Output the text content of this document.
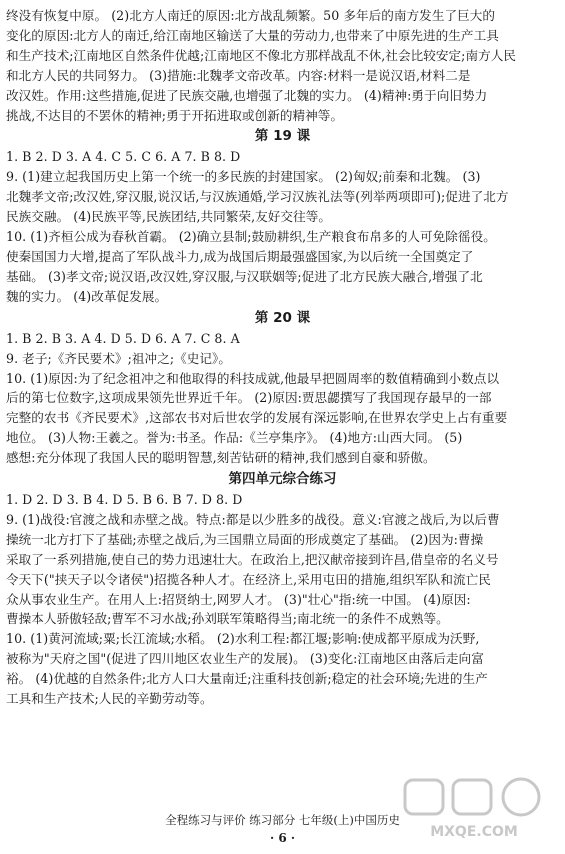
终没有恢复中原。 (2)北方人南迁的原因:北方战乱频繁。50 多年后的南方发生了巨大的
变化的原因:北方人的南迁,给江南地区输送了大量的劳动力,也带来了中原先进的生产工具
和生产技术;江南地区自然条件优越;江南地区不像北方那样战乱不休,社会比较安定;南方人民
和北方人民的共同努力。 (3)措施:北魏孝文帝改革。内容:材料一是说汉语,材料二是
改汉姓。作用:这些措施,促进了民族交融,也增强了北魏的实力。 (4)精神:勇于向旧势力
挑战,不达目的不罢休的精神;勇于开拓进取或创新的精神等。
第 19 课
1. B 2. D 3. A 4. C 5. C 6. A 7. B 8. D
9. (1)建立起我国历史上第一个统一的多民族的封建国家。 (2)匈奴;前秦和北魏。 (3)
北魏孝文帝;改汉姓,穿汉服,说汉话,与汉族通婚,学习汉族礼法等(列举两项即可);促进了北方
民族交融。 (4)民族平等,民族团结,共同繁荣,友好交往等。
10. (1)齐桓公成为春秋首霸。 (2)确立县制;鼓励耕织,生产粮食布帛多的人可免除徭役。
使秦国国力大增,提高了军队战斗力,成为战国后期最强盛国家,为以后统一全国奠定了
基础。 (3)孝文帝;说汉语,改汉姓,穿汉服,与汉联姻等;促进了北方民族大融合,增强了北
魏的实力。 (4)改革促发展。
第 20 课
1. B 2. B 3. A 4. D 5. D 6. A 7. C 8. A
9. 老子;《齐民要术》;祖冲之;《史记》。
10. (1)原因:为了纪念祖冲之和他取得的科技成就,他最早把圆周率的数值精确到小数点以
后的第七位数字,这项成果领先世界近千年。 (2)原因:贾思勰撰写了我国现存最早的一部
完整的农书《齐民要术》,这部农书对后世农学的发展有深远影响,在世界农学史上占有重要
地位。 (3)人物:王羲之。誉为:书圣。作品:《兰亭集序》。 (4)地方:山西大同。 (5)
感想:充分体现了我国人民的聪明智慧,刻苦钻研的精神,我们感到自豪和骄傲。
第四单元综合练习
1. D 2. D 3. B 4. D 5. B 6. B 7. D 8. D
9. (1)战役:官渡之战和赤壁之战。特点:都是以少胜多的战役。意义:官渡之战后,为以后曹
操统一北方打下了基础;赤壁之战后,为三国鼎立局面的形成奠定了基础。 (2)因为:曹操
采取了一系列措施,使自己的势力迅速壮大。在政治上,把汉献帝接到许昌,借皇帝的名义号
令天下("挟天子以令诸侯")招揽各种人才。在经济上,采用屯田的措施,组织军队和流亡民
众从事农业生产。在用人上:招贤纳士,网罗人才。 (3)"壮心"指:统一中国。 (4)原因:
曹操本人骄傲轻敌;曹军不习水战;孙刘联军策略得当;南北统一的条件不成熟等。
10. (1)黄河流域;粟;长江流域;水稻。 (2)水利工程:都江堰;影响:使成都平原成为沃野,
被称为"天府之国"(促进了四川地区农业生产的发展)。 (3)变化:江南地区由落后走向富
裕。 (4)优越的自然条件;北方人口大量南迁;注重科技创新;稳定的社会环境;先进的生产
工具和生产技术;人民的辛勤劳动等。
MXQE.COM
全程练习与评价 练习部分 七年级(上)中国历史
· 6 ·
